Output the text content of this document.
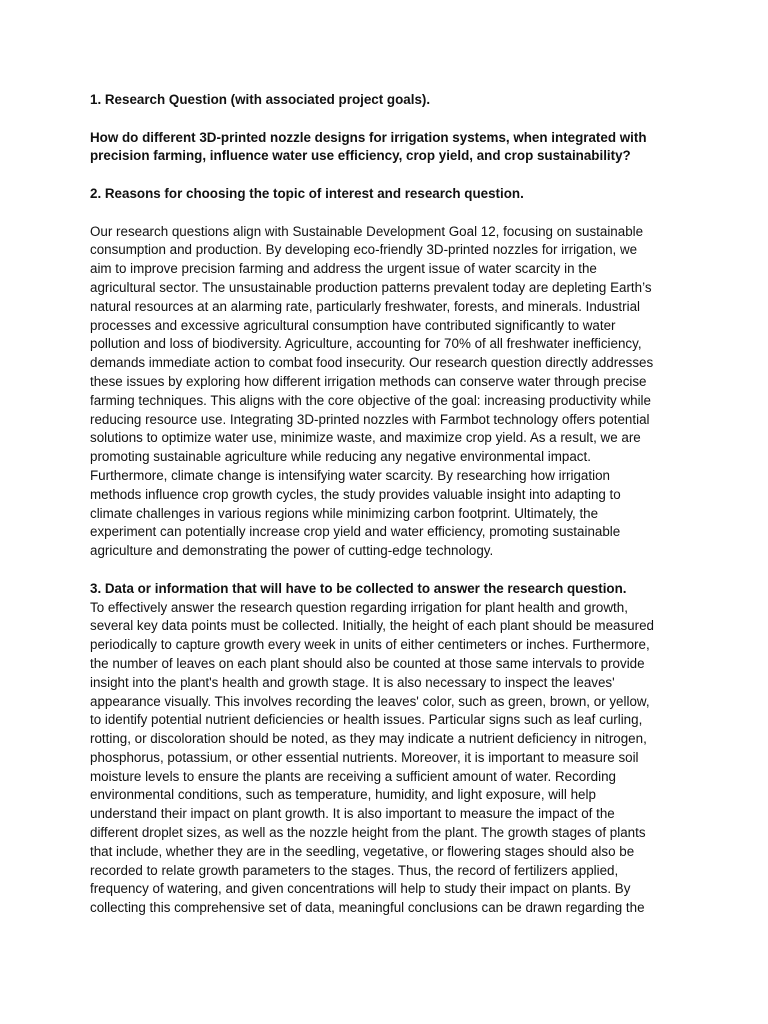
1. Research Question (with associated project goals).

How do different 3D-printed nozzle designs for irrigation systems, when integrated with

precision farming, influence water use efficiency, crop yield, and crop sustainability?

2. Reasons for choosing the topic of interest and research question.

Our research questions align with Sustainable Development Goal 12, focusing on sustainable

consumption and production. By developing eco-friendly 3D-printed nozzles for irrigation, we

aim to improve precision farming and address the urgent issue of water scarcity in the

agricultural sector. The unsustainable production patterns prevalent today are depleting Earth’s

natural resources at an alarming rate, particularly freshwater, forests, and minerals. Industrial

processes and excessive agricultural consumption have contributed significantly to water

pollution and loss of biodiversity. Agriculture, accounting for 70% of all freshwater inefficiency,

demands immediate action to combat food insecurity. Our research question directly addresses

these issues by exploring how different irrigation methods can conserve water through precise

farming techniques. This aligns with the core objective of the goal: increasing productivity while

reducing resource use. Integrating 3D-printed nozzles with Farmbot technology offers potential

solutions to optimize water use, minimize waste, and maximize crop yield. As a result, we are

promoting sustainable agriculture while reducing any negative environmental impact.

Furthermore, climate change is intensifying water scarcity. By researching how irrigation

methods influence crop growth cycles, the study provides valuable insight into adapting to

climate challenges in various regions while minimizing carbon footprint. Ultimately, the

experiment can potentially increase crop yield and water efficiency, promoting sustainable

agriculture and demonstrating the power of cutting-edge technology.

3. Data or information that will have to be collected to answer the research question.

To effectively answer the research question regarding irrigation for plant health and growth,

several key data points must be collected. Initially, the height of each plant should be measured

periodically to capture growth every week in units of either centimeters or inches. Furthermore,

the number of leaves on each plant should also be counted at those same intervals to provide

insight into the plant's health and growth stage. It is also necessary to inspect the leaves'

appearance visually. This involves recording the leaves' color, such as green, brown, or yellow,

to identify potential nutrient deficiencies or health issues. Particular signs such as leaf curling,

rotting, or discoloration should be noted, as they may indicate a nutrient deficiency in nitrogen,

phosphorus, potassium, or other essential nutrients. Moreover, it is important to measure soil

moisture levels to ensure the plants are receiving a sufficient amount of water. Recording

environmental conditions, such as temperature, humidity, and light exposure, will help

understand their impact on plant growth. It is also important to measure the impact of the

different droplet sizes, as well as the nozzle height from the plant. The growth stages of plants

that include, whether they are in the seedling, vegetative, or flowering stages should also be

recorded to relate growth parameters to the stages. Thus, the record of fertilizers applied,

frequency of watering, and given concentrations will help to study their impact on plants. By

collecting this comprehensive set of data, meaningful conclusions can be drawn regarding the
